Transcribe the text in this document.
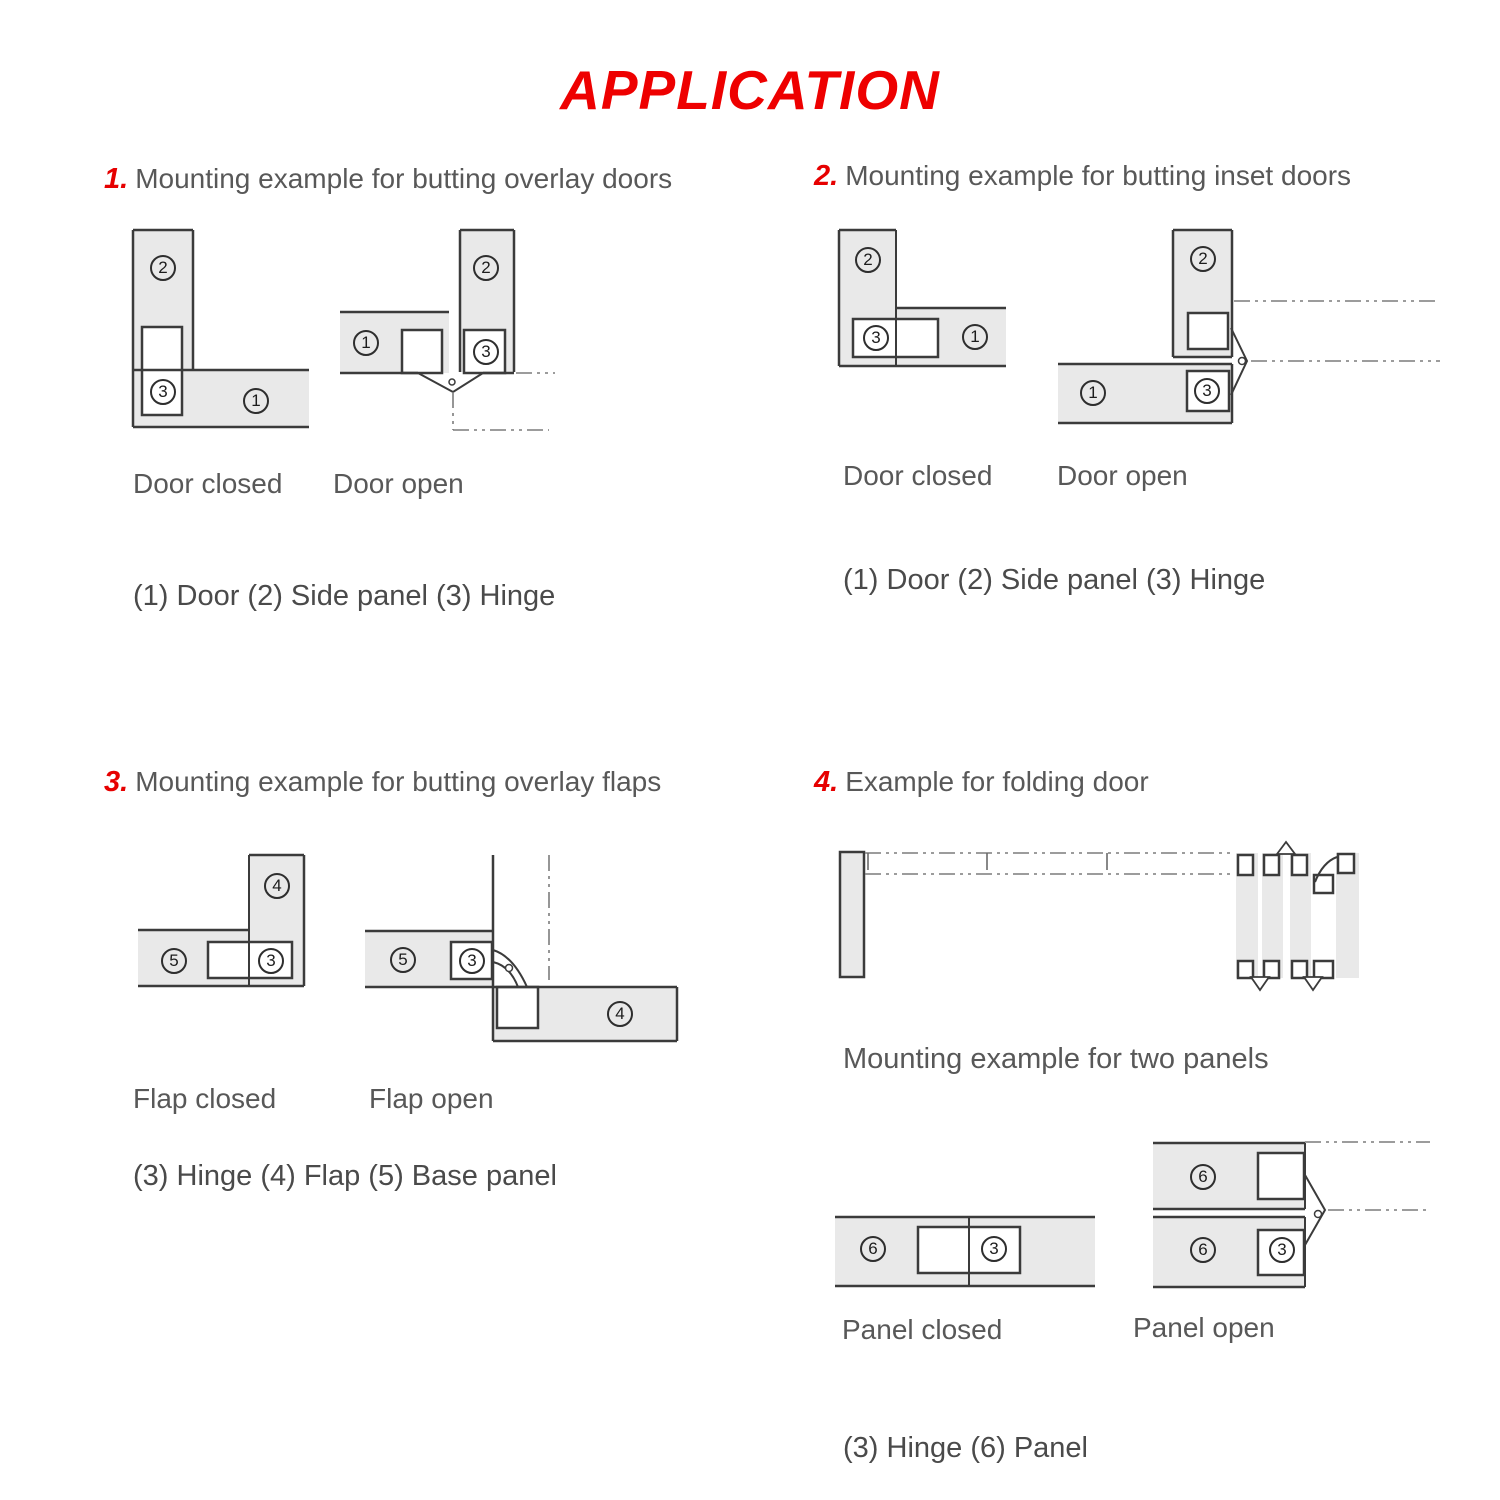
APPLICATION
1. Mounting example for butting overlay doors	2. Mounting example for butting inset doors
3. Mounting example for butting overlay flaps	4. Example for folding door
Door closed Door open
(1) Door (2) Side panel (3) Hinge
Door closed Door open
(1) Door (2) Side panel (3) Hinge
Flap closed	Flap open
(3) Hinge (4) Flap (5) Base panel
Mounting example for two panels
Panel closed	Panel open
(3) Hinge (6) Panel
2
3	1
1
2
3
2
3	1
2
1	3
4
5	3	5	3
4
6	3
6
6	3
